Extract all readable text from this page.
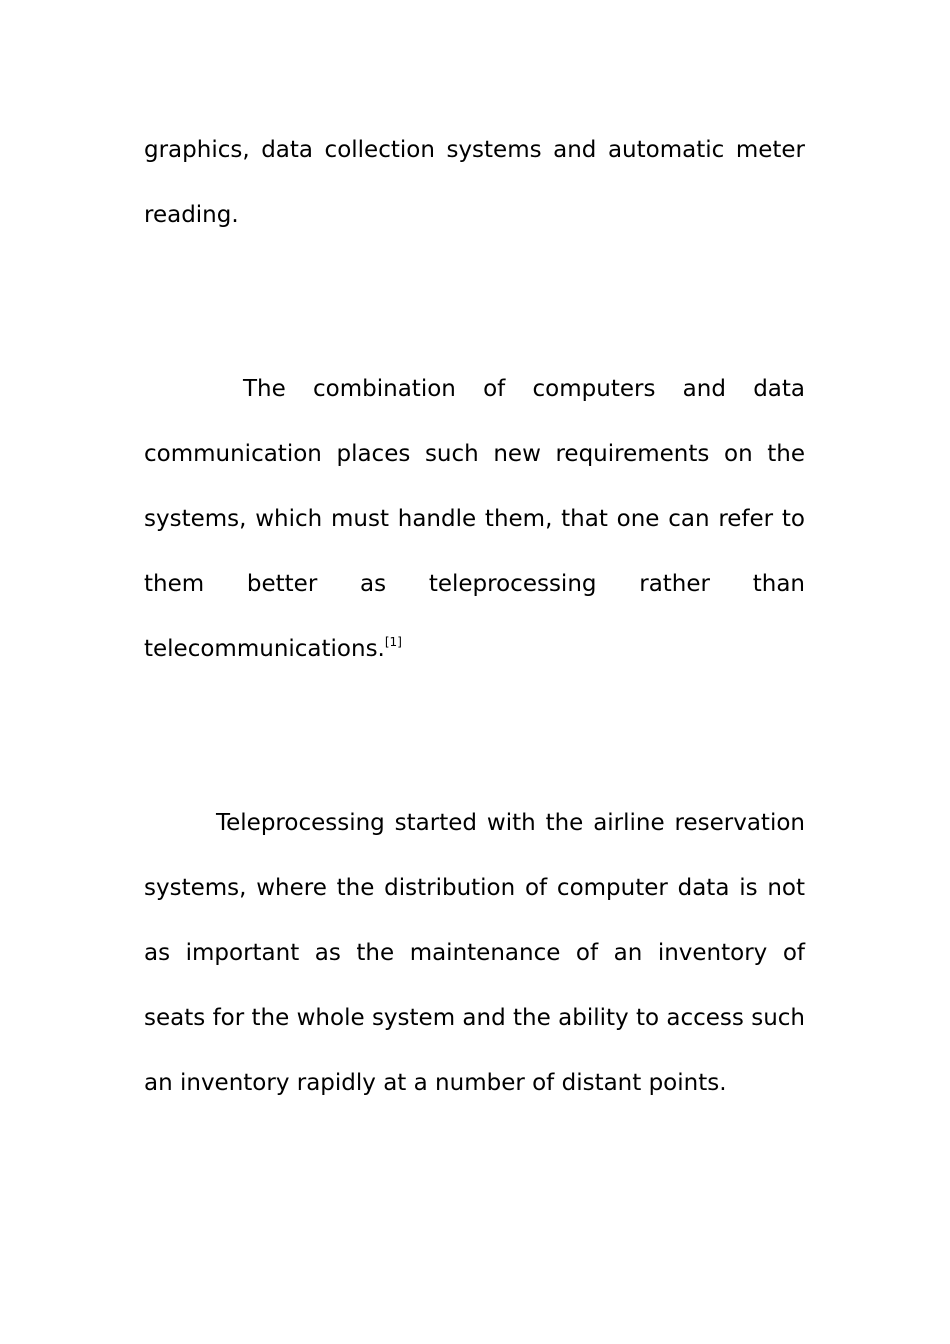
graphics, data collection systems and automatic meter reading.

The combination of computers and data communication places such new requirements on the systems, which must handle them, that one can refer to them better as teleprocessing rather than telecommunications.[1]

Teleprocessing started with the airline reservation systems, where the distribution of computer data is not as important as the maintenance of an inventory of seats for the whole system and the ability to access such an inventory rapidly at a number of distant points.
